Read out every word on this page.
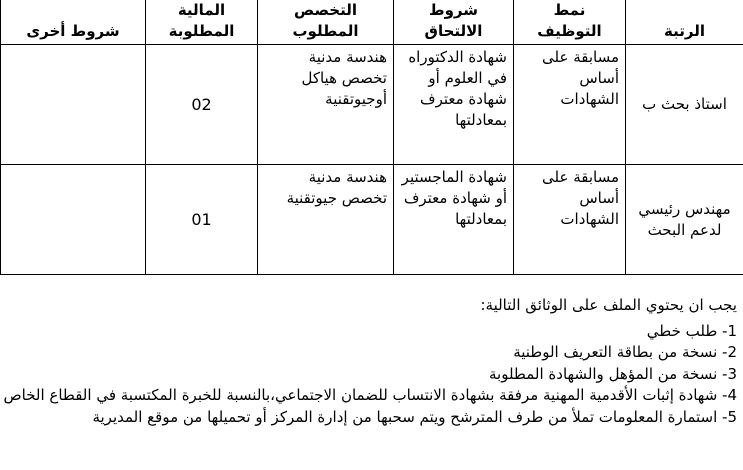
الرتبة	نمط التوظيف	شروط الالتحاق	التخصص المطلوب	المالية المطلوبة	شروط أخرى
استاذ بحث ب	مسابقة على أساس الشهادات	شهادة الدكتوراه في العلوم أو شهادة معترف بمعادلتها	هندسة مدنية تخصص هياكل أوجيوتقنية	02	
مهندس رئيسي لدعم البحث	مسابقة على أساس الشهادات	شهادة الماجستير أو شهادة معترف بمعادلتها	هندسة مدنية تخصص جيوتقنية	01	

يجب ان يحتوي الملف على الوثائق التالية:

1- طلب خطي

2- نسخة من بطاقة التعريف الوطنية

3- نسخة من المؤهل والشهادة المطلوبة

4- شهادة إثبات الأقدمية المهنية مرفقة بشهادة الانتساب للضمان الاجتماعي،بالنسبة للخبرة المكتسبة في القطاع الخاص

5- استمارة المعلومات تملأ من طرف المترشح ويتم سحبها من إدارة المركز أو تحميلها من موقع المديرية
